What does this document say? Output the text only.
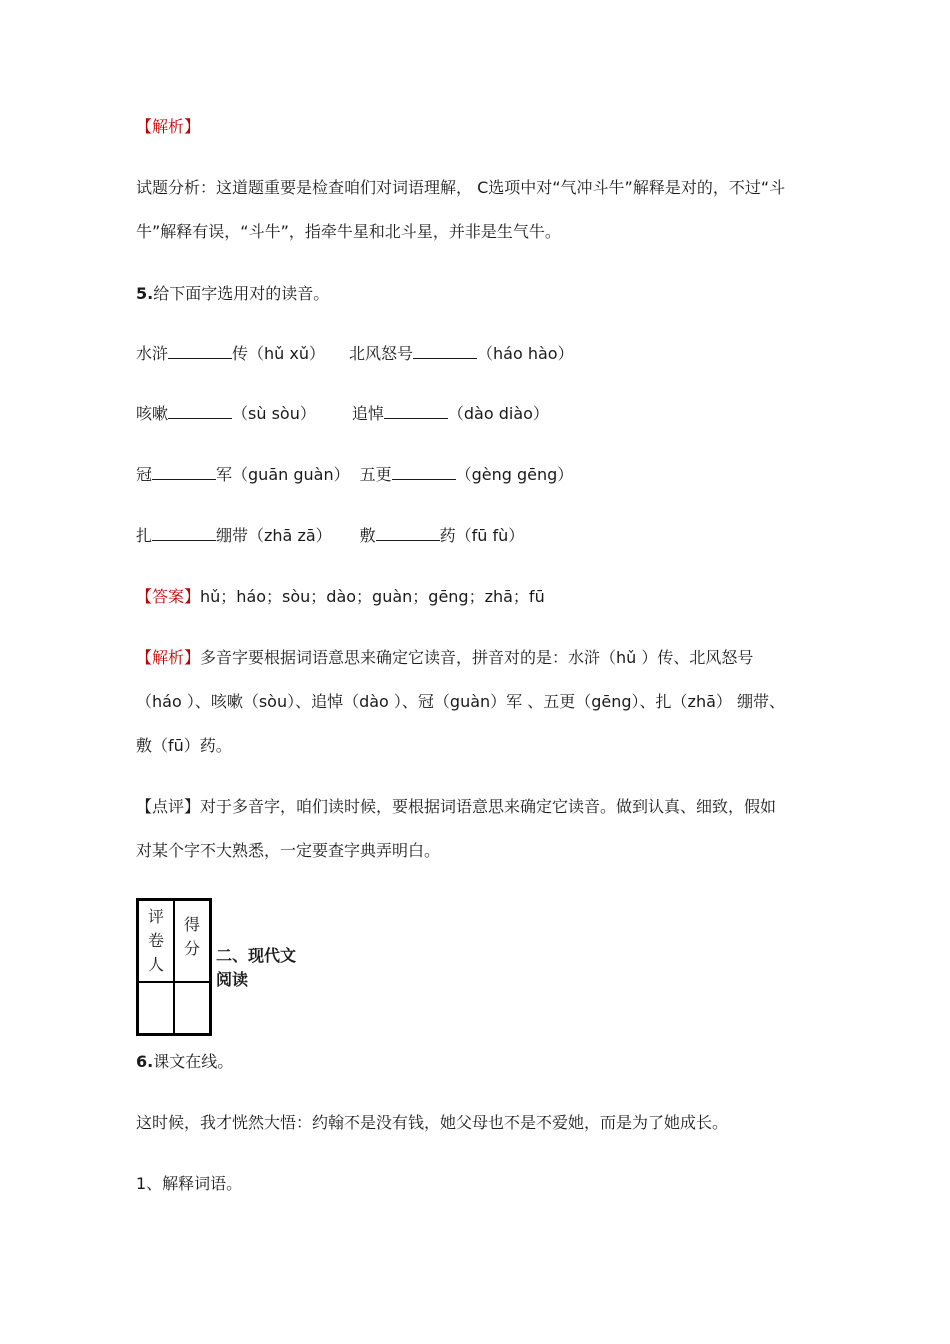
【解析】
试题分析：这道题重要是检查咱们对词语理解， C选项中对“气冲斗牛”解释是对的，不过“斗
牛”解释有误，“斗牛”，指牵牛星和北斗星，并非是生气牛。
5.给下面字选用对的读音。
水浒	传（hǔ xǔ） 北风怒号	（háo hào）
咳嗽	（sù sòu） 追悼	（dào diào）
冠	军（guān guàn） 五更	（gèng gēng）
扎	绷带（zhā zā） 敷	药（fū fù）
【答案】hǔ；háo；sòu；dào；guàn；gēng；zhā；fū
【解析】多音字要根据词语意思来确定它读音，拼音对的是：水浒（hǔ ）传、北风怒号
（háo ）、咳嗽（sòu）、追悼（dào ）、冠（guàn）军 、五更（gēng）、扎（zhā） 绷带、
敷（fū）药。
【点评】对于多音字，咱们读时候，要根据词语意思来确定它读音。做到认真、细致，假如
对某个字不大熟悉，一定要查字典弄明白。
评卷人	得分
	二、现代文阅读
6.课文在线。
这时候，我才恍然大悟：约翰不是没有钱，她父母也不是不爱她，而是为了她成长。
1、解释词语。
